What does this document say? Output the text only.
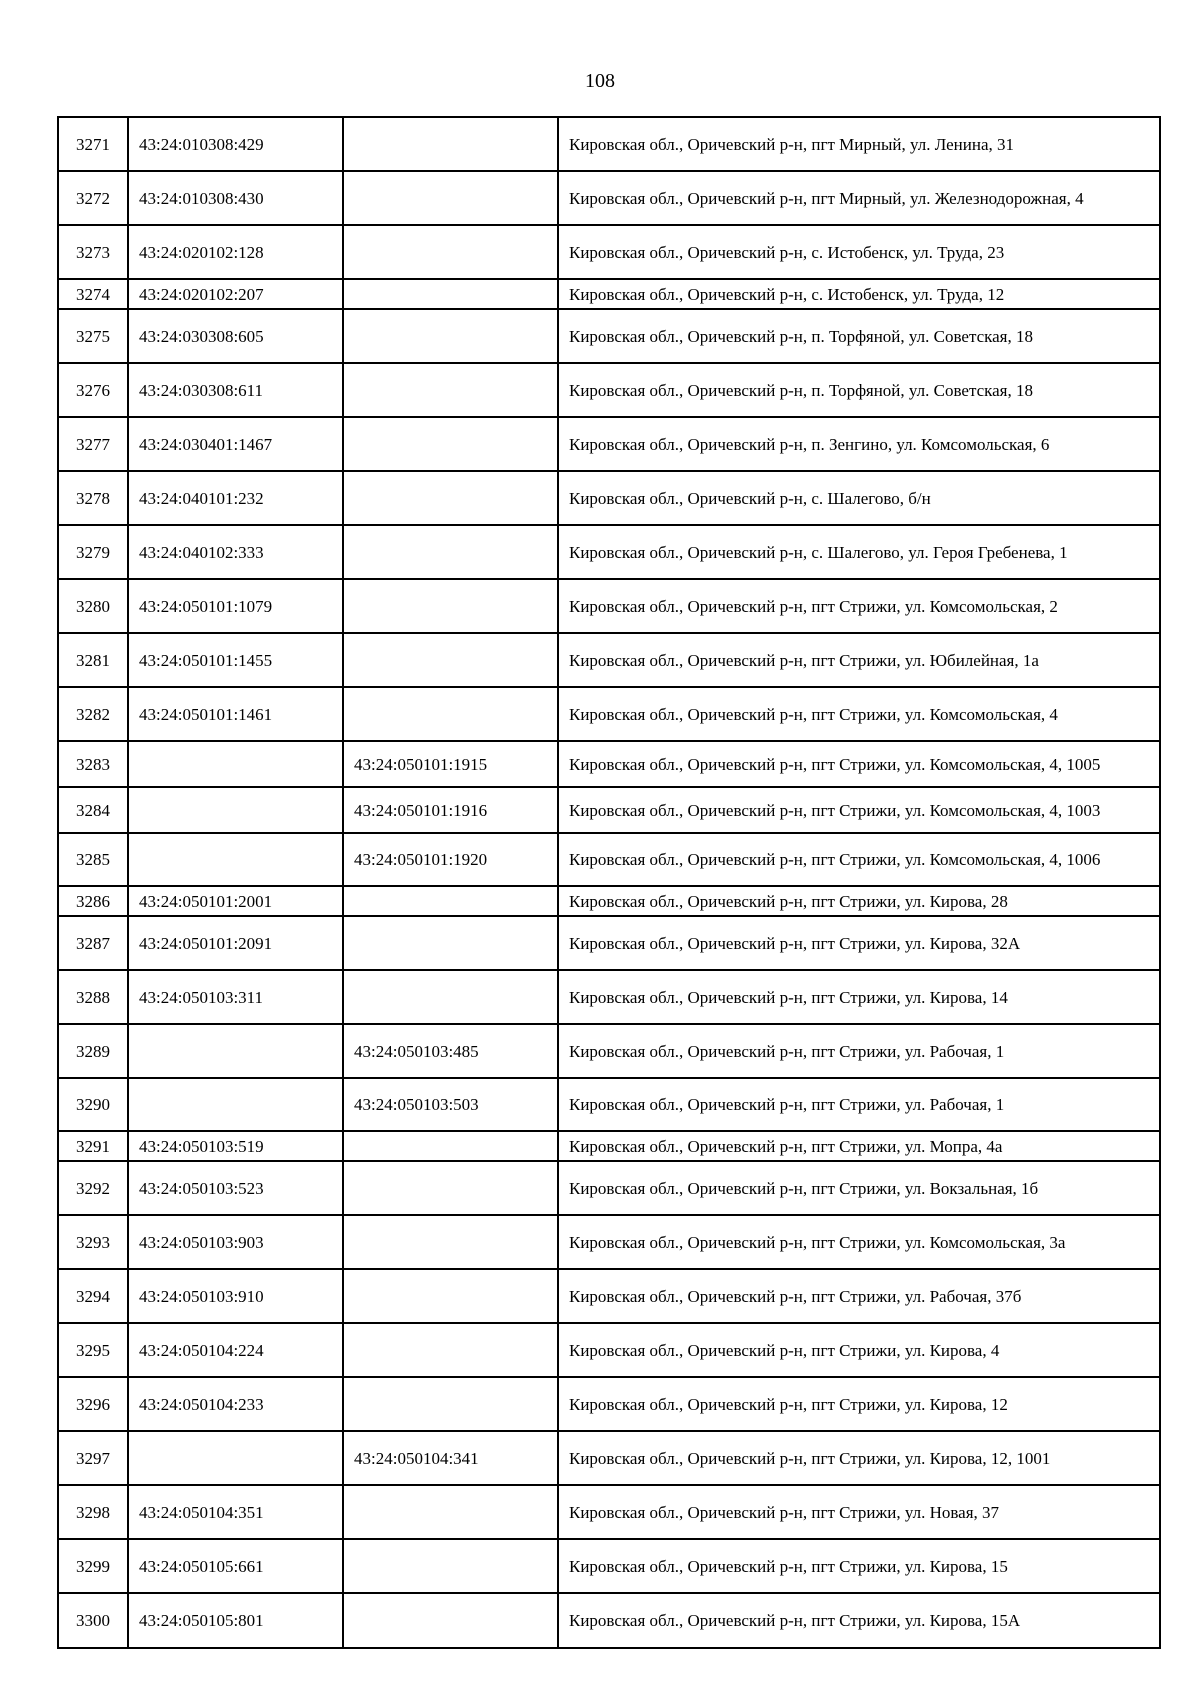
108
3271	43:24:010308:429		Кировская обл., Оричевский р-н, пгт Мирный, ул. Ленина, 31
3272	43:24:010308:430		Кировская обл., Оричевский р-н, пгт Мирный, ул. Железнодорожная, 4
3273	43:24:020102:128		Кировская обл., Оричевский р-н, с. Истобенск, ул. Труда, 23
3274	43:24:020102:207		Кировская обл., Оричевский р-н, с. Истобенск, ул. Труда, 12
3275	43:24:030308:605		Кировская обл., Оричевский р-н, п. Торфяной, ул. Советская, 18
3276	43:24:030308:611		Кировская обл., Оричевский р-н, п. Торфяной, ул. Советская, 18
3277	43:24:030401:1467		Кировская обл., Оричевский р-н, п. Зенгино, ул. Комсомольская, 6
3278	43:24:040101:232		Кировская обл., Оричевский р-н, с. Шалегово, б/н
3279	43:24:040102:333		Кировская обл., Оричевский р-н, с. Шалегово, ул. Героя Гребенева, 1
3280	43:24:050101:1079		Кировская обл., Оричевский р-н, пгт Стрижи, ул. Комсомольская, 2
3281	43:24:050101:1455		Кировская обл., Оричевский р-н, пгт Стрижи, ул. Юбилейная, 1а
3282	43:24:050101:1461		Кировская обл., Оричевский р-н, пгт Стрижи, ул. Комсомольская, 4
3283		43:24:050101:1915	Кировская обл., Оричевский р-н, пгт Стрижи, ул. Комсомольская, 4, 1005
3284		43:24:050101:1916	Кировская обл., Оричевский р-н, пгт Стрижи, ул. Комсомольская, 4, 1003
3285		43:24:050101:1920	Кировская обл., Оричевский р-н, пгт Стрижи, ул. Комсомольская, 4, 1006
3286	43:24:050101:2001		Кировская обл., Оричевский р-н, пгт Стрижи, ул. Кирова, 28
3287	43:24:050101:2091		Кировская обл., Оричевский р-н, пгт Стрижи, ул. Кирова, 32А
3288	43:24:050103:311		Кировская обл., Оричевский р-н, пгт Стрижи, ул. Кирова, 14
3289		43:24:050103:485	Кировская обл., Оричевский р-н, пгт Стрижи, ул. Рабочая, 1
3290		43:24:050103:503	Кировская обл., Оричевский р-н, пгт Стрижи, ул. Рабочая, 1
3291	43:24:050103:519		Кировская обл., Оричевский р-н, пгт Стрижи, ул. Мопра, 4а
3292	43:24:050103:523		Кировская обл., Оричевский р-н, пгт Стрижи, ул. Вокзальная, 1б
3293	43:24:050103:903		Кировская обл., Оричевский р-н, пгт Стрижи, ул. Комсомольская, 3а
3294	43:24:050103:910		Кировская обл., Оричевский р-н, пгт Стрижи, ул. Рабочая, 37б
3295	43:24:050104:224		Кировская обл., Оричевский р-н, пгт Стрижи, ул. Кирова, 4
3296	43:24:050104:233		Кировская обл., Оричевский р-н, пгт Стрижи, ул. Кирова, 12
3297		43:24:050104:341	Кировская обл., Оричевский р-н, пгт Стрижи, ул. Кирова, 12, 1001
3298	43:24:050104:351		Кировская обл., Оричевский р-н, пгт Стрижи, ул. Новая, 37
3299	43:24:050105:661		Кировская обл., Оричевский р-н, пгт Стрижи, ул. Кирова, 15
3300	43:24:050105:801		Кировская обл., Оричевский р-н, пгт Стрижи, ул. Кирова, 15А
